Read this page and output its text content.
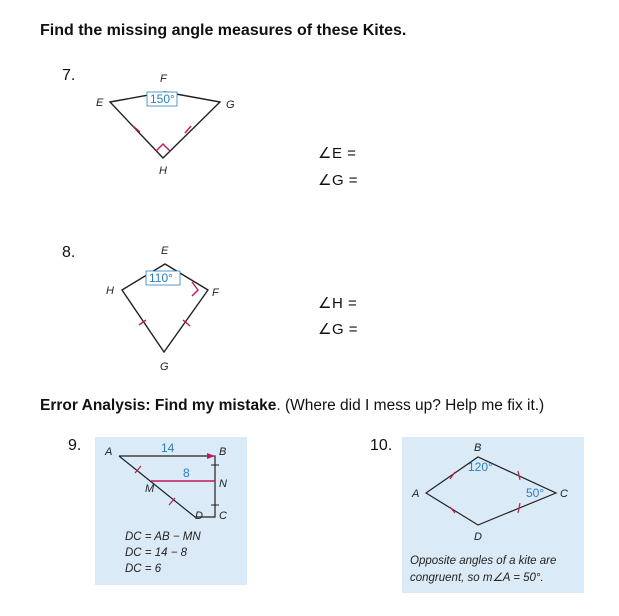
Find the missing angle measures of these Kites.
7.
150°
F
E	G
H
∠E =
∠G =
8.
110°
E
H	F
G
∠H =
∠G =
Error Analysis: Find my mistake. (Where did I mess up? Help me fix it.)
9. A	B
C
D
M	N
14
8
DC = AB − MN
DC = 14 − 8
DC = 6
10.	B
A	C
D
120°
50°
Opposite angles of a kite are
congruent, so m∠A = 50°.
